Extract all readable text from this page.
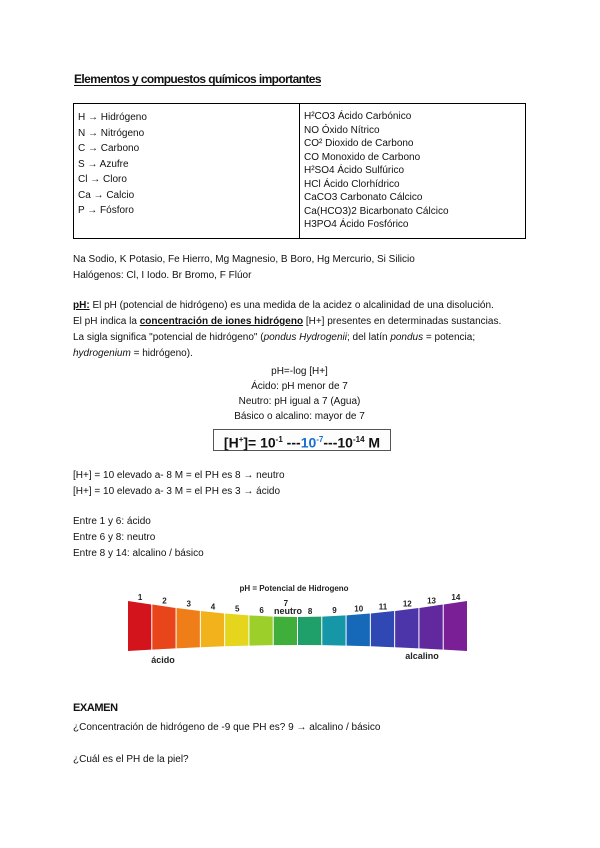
Elementos y compuestos químicos importantes
H → Hidrógeno
N → Nitrógeno
C → Carbono
S → Azufre
Cl → Cloro
Ca → Calcio
P → Fósforo

H²CO3 Ácido Carbónico
NO Óxido Nítrico
CO² Dioxido de Carbono
CO Monoxido de Carbono
H²SO4 Ácido Sulfúrico
HCl Ácido Clorhídrico
CaCO3 Carbonato Cálcico
Ca(HCO3)2 Bicarbonato Cálcico
H3PO4 Ácido Fosfórico
Na Sodio, K Potasio, Fe Hierro, Mg Magnesio, B Boro, Hg Mercurio, Si Silicio
Halógenos: Cl, I Iodo. Br Bromo, F Flúor
pH: El pH (potencial de hidrógeno) es una medida de la acidez o alcalinidad de una disolución.
El pH indica la concentración de iones hidrógeno [H+] presentes en determinadas sustancias.
La sigla significa "potencial de hidrógeno" (pondus Hydrogenii; del latín pondus = potencia;
hydrogenium = hidrógeno).
pH=-log [H+]
Ácido: pH menor de 7
Neutro: pH igual a 7 (Agua)
Básico o alcalino: mayor de 7
$[H^+]= 10^{-1}$ $---10^{-7}---10^{-14}$ M
[H+] = 10 elevado a- 8 M = el PH es 8 → neutro
[H+] = 10 elevado a- 3 M = el PH es 3 → ácido
Entre 1 y 6: ácido
Entre 6 y 8: neutro
Entre 8 y 14: alcalino / básico
pH = Potencial de Hidrogeno
1 2 3 4 5 6
7
8 9 10 11 12 13 14
neutro
ácido	alcalino
EXAMEN
¿Concentración de hidrógeno de -9 que PH es? 9 → alcalino / básico
¿Cuál es el PH de la piel?
